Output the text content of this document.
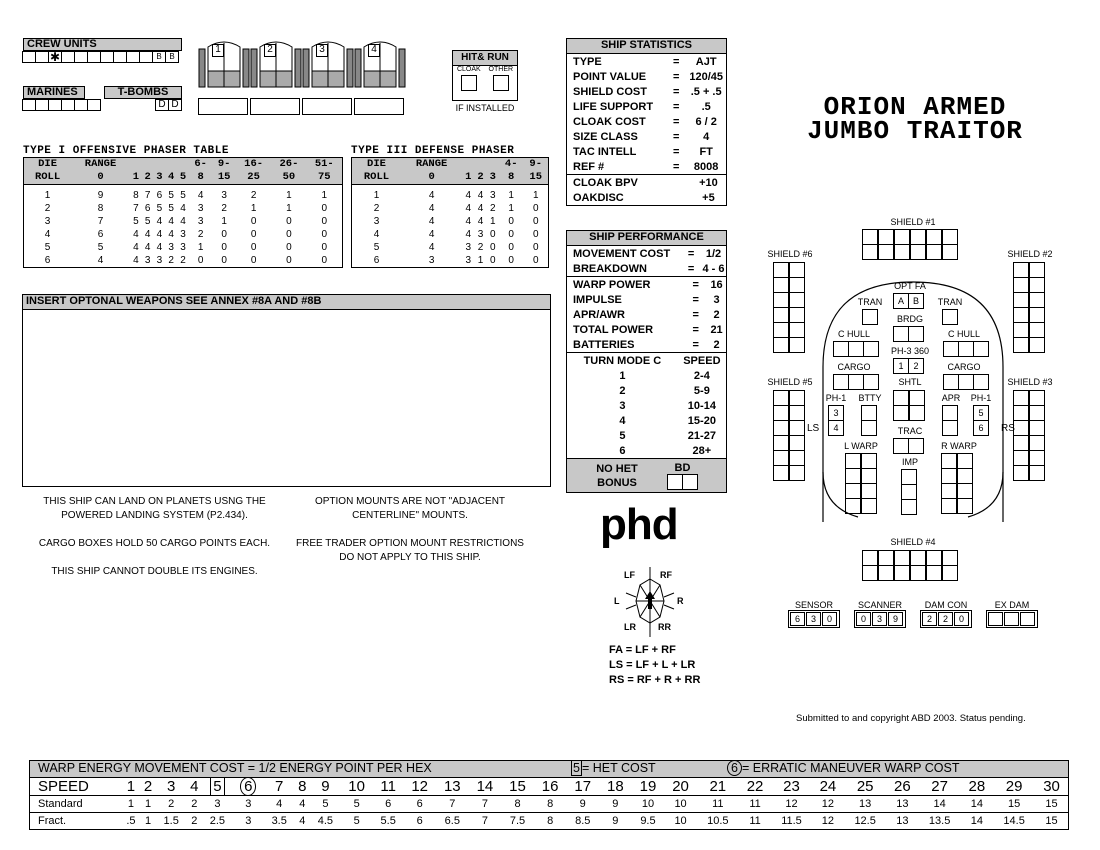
CREW UNITS
✱	B B
MARINES	T-BOMBS
D D
1	2	3	4
HIT& RUN
CLOAK OTHER
IF INSTALLED
TYPE I OFFENSIVE PHASER TABLE
DIE	RANGE						6-	9-	16-	26-	51-
ROLL	0	1	2	3	4	5	8	15	25	50	75

1	9	8	7	6	5	5	4	3	2	1	1
2	8	7	6	5	5	4	3	2	1	1	0
3	7	5	5	4	4	4	3	1	0	0	0
4	6	4	4	4	4	3	2	0	0	0	0
5	5	4	4	4	3	3	1	0	0	0	0
6	4	4	3	3	2	2	0	0	0	0	0
TYPE III DEFENSE PHASER
DIE	RANGE				4-	9-
ROLL	0	1	2	3	8	15

1	4	4	4	3	1	1
2	4	4	4	2	1	0
3	4	4	4	1	0	0
4	4	4	3	0	0	0
5	4	3	2	0	0	0
6	3	3	1	0	0	0
INSERT OPTONAL WEAPONS SEE ANNEX #8A AND #8B
THIS SHIP CAN LAND ON PLANETS USNG THE
POWERED LANDING SYSTEM (P2.434).
CARGO BOXES HOLD 50 CARGO POINTS EACH.
THIS SHIP CANNOT DOUBLE ITS ENGINES.
OPTION MOUNTS ARE NOT "ADJACENT
CENTERLINE" MOUNTS.
FREE TRADER OPTION MOUNT RESTRICTIONS
DO NOT APPLY TO THIS SHIP.
SHIP STATISTICS
TYPE	=	AJT
POINT VALUE	=	120/45
SHIELD COST	=	.5 + .5
LIFE SUPPORT	=	.5
CLOAK COST	=	6 / 2
SIZE CLASS	=	4
TAC INTELL	=	FT
REF #	=	8008
CLOAK BPV	+10
OAKDISC	+5
SHIP PERFORMANCE
MOVEMENT COST	=	1/2
BREAKDOWN	=	4 - 6
WARP POWER	=	16
IMPULSE	=	3
APR/AWR	=	2
TOTAL POWER	=	21
BATTERIES	=	2
TURN MODE C	SPEED
1	2-4
2	5-9
3	10-14
4	15-20
5	21-27
6	28+
NO HET
BONUS
BD
ORION ARMED
JUMBO TRAITOR
phd
LF	RF
L	R
LR RR
FA = LF + RF
LS = LF + L + LR
RS = RF + R + RR
SHIELD #1
SHIELD #6	SHIELD #2
SHIELD #5	SHIELD #3
SHIELD #4
OPT FA
A B
TRAN	TRAN
BRDG
C HULL	C HULL
PH-3 360
1	2
CARGO	CARGO
SHTL
PH-1
3
4
BTTY	APR	PH-1
5
6
LS	RS
TRAC
L WARP	R WARP
IMP
SENSOR
6	3	0
SCANNER
0	3	9
DAM CON
2	2	0
EX DAM
Submitted to and copyright ABD 2003. Status pending.
WARP ENERGY MOVEMENT COST = 1/2 ENERGY POINT PER HEX	5 = HET COST	6 = ERRATIC MANEUVER WARP COST
SPEED	1	2	3	4	5	6	7	8	9	10	11	12	13	14	15	16	17	18	19	20	21	22	23	24	25	26	27	28	29	30
Standard	1	1	2	2	3	3	4	4	5	5	6	6	7	7	8	8	9	9	10	10	11	11	12	12	13	13	14	14	15	15
Fract.	.5	1	1.5	2	2.5	3	3.5	4	4.5	5	5.5	6	6.5	7	7.5	8	8.5	9	9.5	10	10.5	11	11.5	12	12.5	13	13.5	14	14.5	15
